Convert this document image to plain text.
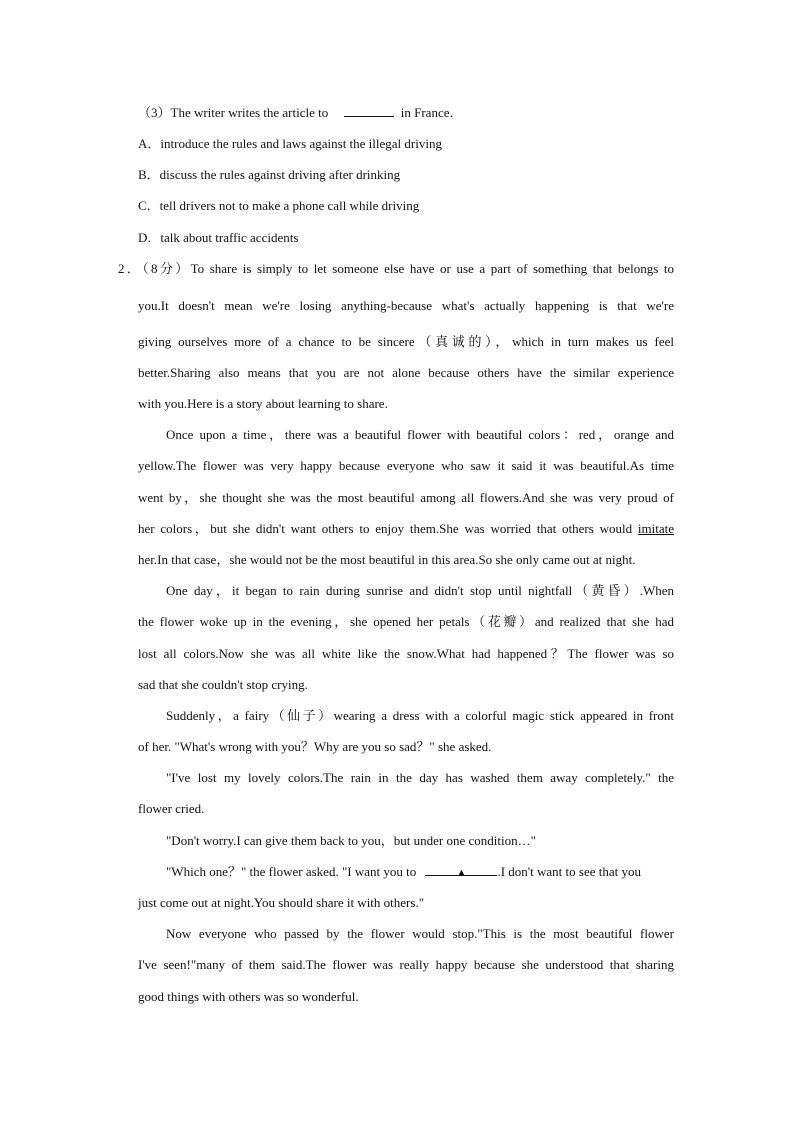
（3）The writer writes the article to	in France．
A．introduce the rules and laws against the illegal driving
B．discuss the rules against driving after drinking
C．tell drivers not to make a phone call while driving
D．talk about traffic accidents
2．（8分）To share is simply to let someone else have or use a part of something that belongs to
you.It doesn't mean we're losing anything-because what's actually happening is that we're
giving ourselves more of a chance to be sincere（真诚的），which in turn makes us feel
better.Sharing also means that you are not alone because others have the similar experience
with you.Here is a story about learning to share.
Once upon a time，there was a beautiful flower with beautiful colors：red，orange and
yellow.The flower was very happy because everyone who saw it said it was beautiful.As time
went by，she thought she was the most beautiful among all flowers.And she was very proud of
her colors，but she didn't want others to enjoy them.She was worried that others would imitate
her.In that case，she would not be the most beautiful in this area.So she only came out at night.
One day，it began to rain during sunrise and didn't stop until nightfall（黄昏）.When
the flower woke up in the evening，she opened her petals（花瓣）and realized that she had
lost all colors.Now she was all white like the snow.What had happened？The flower was so
sad that she couldn't stop crying.
Suddenly，a fairy（仙子）wearing a dress with a colorful magic stick appeared in front
of her. "What's wrong with you？Why are you so sad？" she asked.
"I've lost my lovely colors.The rain in the day has washed them away completely." the
flower cried.
"Don't worry.I can give them back to you，but under one condition…"
"Which one？" the flower asked. "I want you to	▲ .I don't want to see that you
just come out at night.You should share it with others."
Now everyone who passed by the flower would stop."This is the most beautiful flower
I've seen!"many of them said.The flower was really happy because she understood that sharing
good things with others was so wonderful.
